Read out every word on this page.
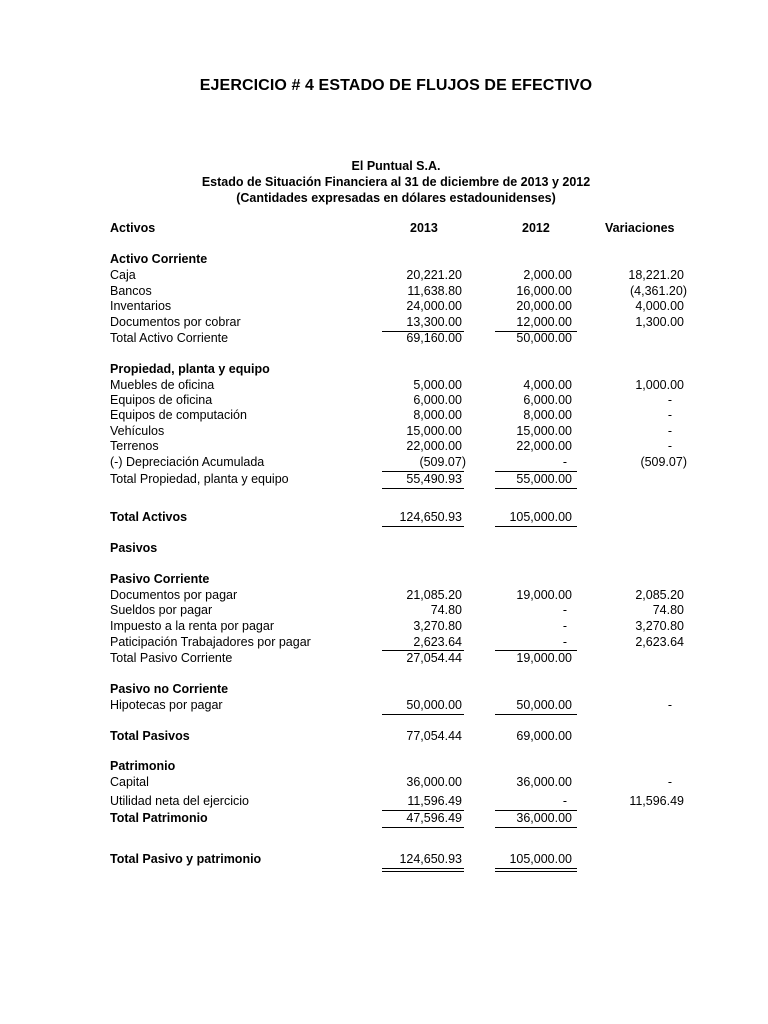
EJERCICIO # 4 ESTADO DE FLUJOS DE EFECTIVO
El Puntual S.A.
Estado de Situación Financiera al 31 de diciembre de 2013 y 2012
(Cantidades expresadas en dólares estadounidenses)
Activos	2013	2012	Variaciones
Activo Corriente
Caja	20,221.20	2,000.00	18,221.20
Bancos	11,638.80	16,000.00	(4,361.20)
Inventarios	24,000.00	20,000.00	4,000.00
Documentos por cobrar	13,300.00	12,000.00	1,300.00
Total Activo Corriente	69,160.00	50,000.00
Propiedad, planta y equipo
Muebles de oficina	5,000.00	4,000.00	1,000.00
Equipos de oficina	6,000.00	6,000.00	-
Equipos de computación	8,000.00	8,000.00	-
Vehículos	15,000.00	15,000.00	-
Terrenos	22,000.00	22,000.00	-
(-) Depreciación Acumulada	(509.07)	-	(509.07)
Total Propiedad, planta y equipo	55,490.93	55,000.00
Total Activos	124,650.93	105,000.00
Pasivos
Pasivo Corriente
Documentos por pagar	21,085.20	19,000.00	2,085.20
Sueldos por pagar	74.80	-	74.80
Impuesto a la renta por pagar	3,270.80	-	3,270.80
Paticipación Trabajadores por pagar	2,623.64	-	2,623.64
Total Pasivo Corriente	27,054.44	19,000.00
Pasivo no Corriente
Hipotecas por pagar	50,000.00	50,000.00	-
Total Pasivos	77,054.44	69,000.00
Patrimonio
Capital	36,000.00	36,000.00	-
Utilidad neta del ejercicio	11,596.49	-	11,596.49
Total Patrimonio	47,596.49	36,000.00
Total Pasivo y patrimonio	124,650.93	105,000.00
